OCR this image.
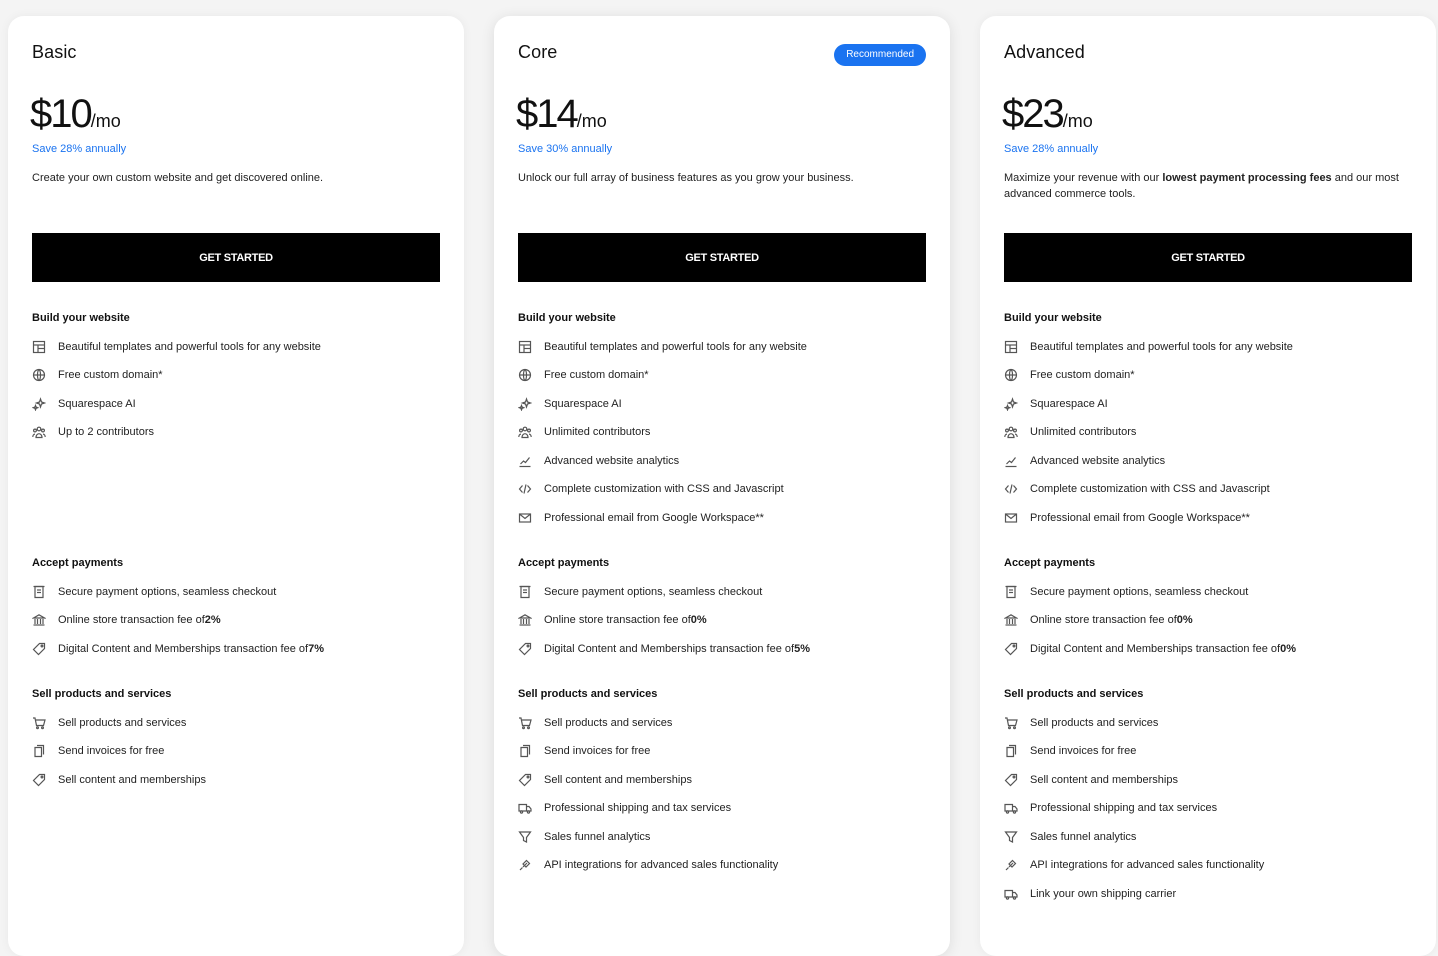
Basic
$10/mo
Save 28% annually
Create your own custom website and get discovered online.
GET STARTED
Build your website
Beautiful templates and powerful tools for any website
Free custom domain*
Squarespace AI
Up to 2 contributors
Accept payments
Secure payment options, seamless checkout
Online store transaction fee of 2%
Digital Content and Memberships transaction fee of 7%
Sell products and services
Sell products and services
Send invoices for free
Sell content and memberships
Core	Recommended
$14/mo
Save 30% annually
Unlock our full array of business features as you grow your business.
GET STARTED
Build your website
Beautiful templates and powerful tools for any website
Free custom domain*
Squarespace AI
Unlimited contributors
Advanced website analytics
Complete customization with CSS and Javascript
Professional email from Google Workspace**
Accept payments
Secure payment options, seamless checkout
Online store transaction fee of 0%
Digital Content and Memberships transaction fee of 5%
Sell products and services
Sell products and services
Send invoices for free
Sell content and memberships
Professional shipping and tax services
Sales funnel analytics
API integrations for advanced sales functionality
Advanced
$23/mo
Save 28% annually
Maximize your revenue with our lowest payment processing fees and our most advanced commerce tools.
GET STARTED
Build your website
Beautiful templates and powerful tools for any website
Free custom domain*
Squarespace AI
Unlimited contributors
Advanced website analytics
Complete customization with CSS and Javascript
Professional email from Google Workspace**
Accept payments
Secure payment options, seamless checkout
Online store transaction fee of 0%
Digital Content and Memberships transaction fee of 0%
Sell products and services
Sell products and services
Send invoices for free
Sell content and memberships
Professional shipping and tax services
Sales funnel analytics
API integrations for advanced sales functionality
Link your own shipping carrier
